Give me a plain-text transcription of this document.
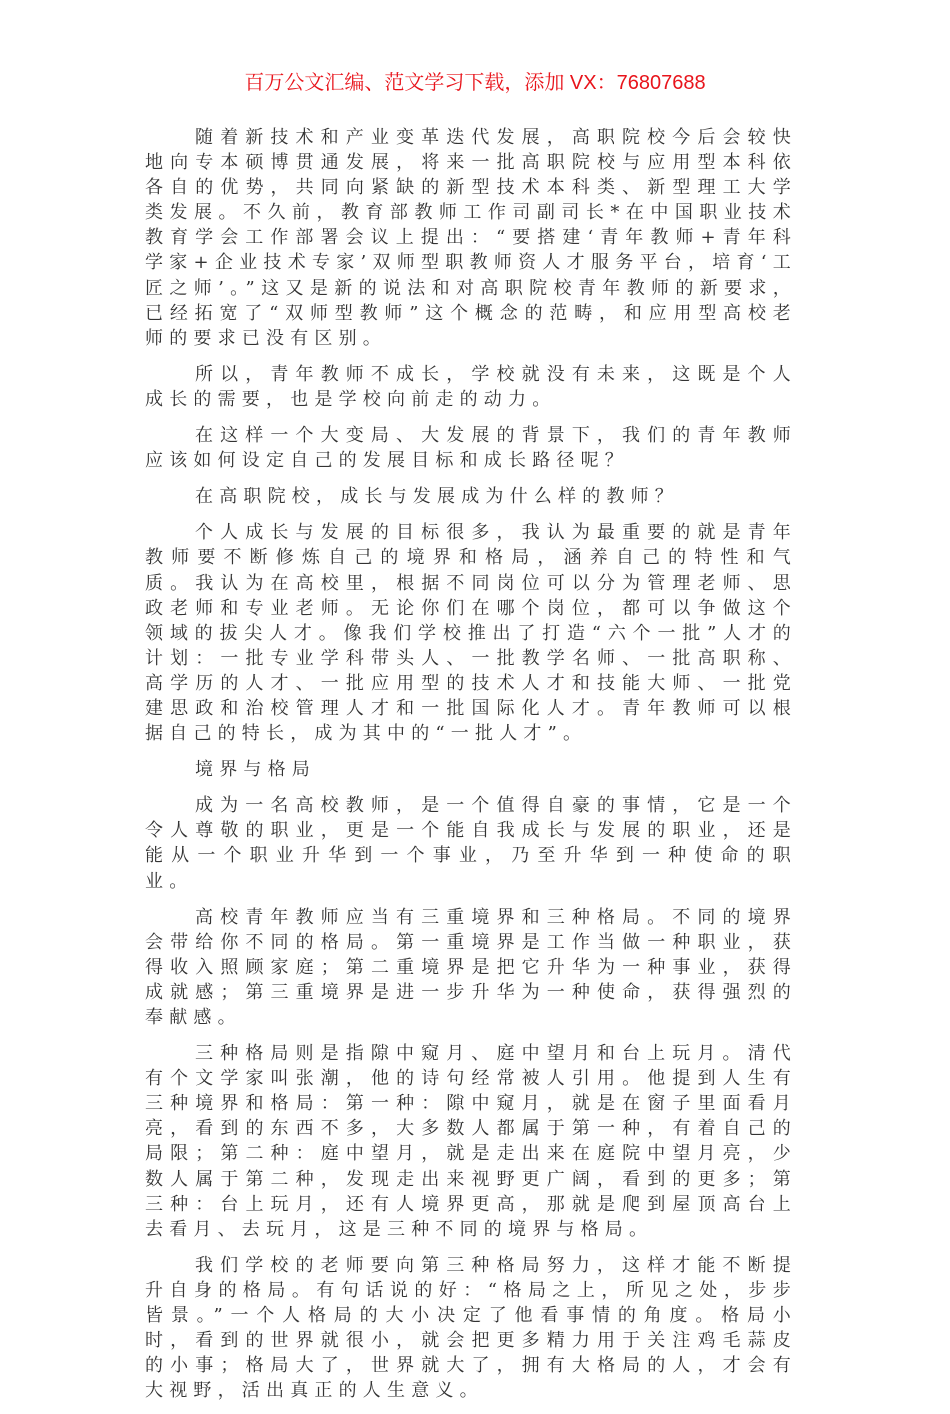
百万公文汇编、范文学习下载，添加 VX：76807688

随着新技术和产业变革迭代发展，高职院校今后会较快地向专本硕博贯通发展，将来一批高职院校与应用型本科依各自的优势，共同向紧缺的新型技术本科类、新型理工大学类发展。不久前，教育部教师工作司副司长*在中国职业技术教育学会工作部署会议上提出：“要搭建‘青年教师+青年科学家+企业技术专家’双师型职教师资人才服务平台，培育‘工匠之师’。”这又是新的说法和对高职院校青年教师的新要求，已经拓宽了“双师型教师”这个概念的范畴，和应用型高校老师的要求已没有区别。

所以，青年教师不成长，学校就没有未来，这既是个人成长的需要，也是学校向前走的动力。

在这样一个大变局、大发展的背景下，我们的青年教师应该如何设定自己的发展目标和成长路径呢？

在高职院校，成长与发展成为什么样的教师？

个人成长与发展的目标很多，我认为最重要的就是青年教师要不断修炼自己的境界和格局，涵养自己的特性和气质。我认为在高校里，根据不同岗位可以分为管理老师、思政老师和专业老师。无论你们在哪个岗位，都可以争做这个领域的拔尖人才。像我们学校推出了打造“六个一批”人才的计划：一批专业学科带头人、一批教学名师、一批高职称、高学历的人才、一批应用型的技术人才和技能大师、一批党建思政和治校管理人才和一批国际化人才。青年教师可以根据自己的特长，成为其中的“一批人才”。

境界与格局

成为一名高校教师，是一个值得自豪的事情，它是一个令人尊敬的职业，更是一个能自我成长与发展的职业，还是能从一个职业升华到一个事业，乃至升华到一种使命的职业。

高校青年教师应当有三重境界和三种格局。不同的境界会带给你不同的格局。第一重境界是工作当做一种职业，获得收入照顾家庭；第二重境界是把它升华为一种事业，获得成就感；第三重境界是进一步升华为一种使命，获得强烈的奉献感。

三种格局则是指隙中窥月、庭中望月和台上玩月。清代有个文学家叫张潮，他的诗句经常被人引用。他提到人生有三种境界和格局：第一种：隙中窥月，就是在窗子里面看月亮，看到的东西不多，大多数人都属于第一种，有着自己的局限；第二种：庭中望月，就是走出来在庭院中望月亮，少数人属于第二种，发现走出来视野更广阔，看到的更多；第三种：台上玩月，还有人境界更高，那就是爬到屋顶高台上去看月、去玩月，这是三种不同的境界与格局。

我们学校的老师要向第三种格局努力，这样才能不断提升自身的格局。有句话说的好：“格局之上，所见之处，步步皆景。”一个人格局的大小决定了他看事情的角度。格局小时，看到的世界就很小，就会把更多精力用于关注鸡毛蒜皮的小事；格局大了，世界就大了，拥有大格局的人，才会有大视野，活出真正的人生意义。
